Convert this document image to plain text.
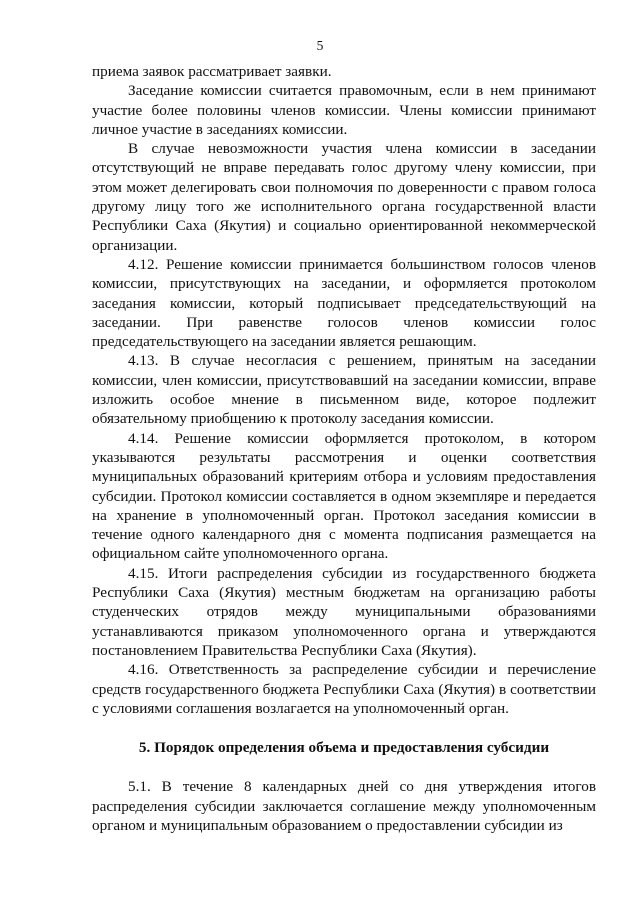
5

приема заявок рассматривает заявки.

Заседание комиссии считается правомочным, если в нем принимают участие более половины членов комиссии. Члены комиссии принимают личное участие в заседаниях комиссии.

В случае невозможности участия члена комиссии в заседании отсутствующий не вправе передавать голос другому члену комиссии, при этом может делегировать свои полномочия по доверенности с правом голоса другому лицу того же исполнительного органа государственной власти Республики Саха (Якутия) и социально ориентированной некоммерческой организации.

4.12. Решение комиссии принимается большинством голосов членов комиссии, присутствующих на заседании, и оформляется протоколом заседания комиссии, который подписывает председательствующий на заседании. При равенстве голосов членов комиссии голос председательствующего на заседании является решающим.

4.13. В случае несогласия с решением, принятым на заседании комиссии, член комиссии, присутствовавший на заседании комиссии, вправе изложить особое мнение в письменном виде, которое подлежит обязательному приобщению к протоколу заседания комиссии.

4.14. Решение комиссии оформляется протоколом, в котором указываются результаты рассмотрения и оценки соответствия муниципальных образований критериям отбора и условиям предоставления субсидии. Протокол комиссии составляется в одном экземпляре и передается на хранение в уполномоченный орган. Протокол заседания комиссии в течение одного календарного дня с момента подписания размещается на официальном сайте уполномоченного органа.

4.15. Итоги распределения субсидии из государственного бюджета Республики Саха (Якутия) местным бюджетам на организацию работы студенческих отрядов между муниципальными образованиями устанавливаются приказом уполномоченного органа и утверждаются постановлением Правительства Республики Саха (Якутия).

4.16. Ответственность за распределение субсидии и перечисление средств государственного бюджета Республики Саха (Якутия) в соответствии с условиями соглашения возлагается на уполномоченный орган.

5. Порядок определения объема и предоставления субсидии

5.1. В течение 8 календарных дней со дня утверждения итогов распределения субсидии заключается соглашение между уполномоченным органом и муниципальным образованием о предоставлении субсидии из
